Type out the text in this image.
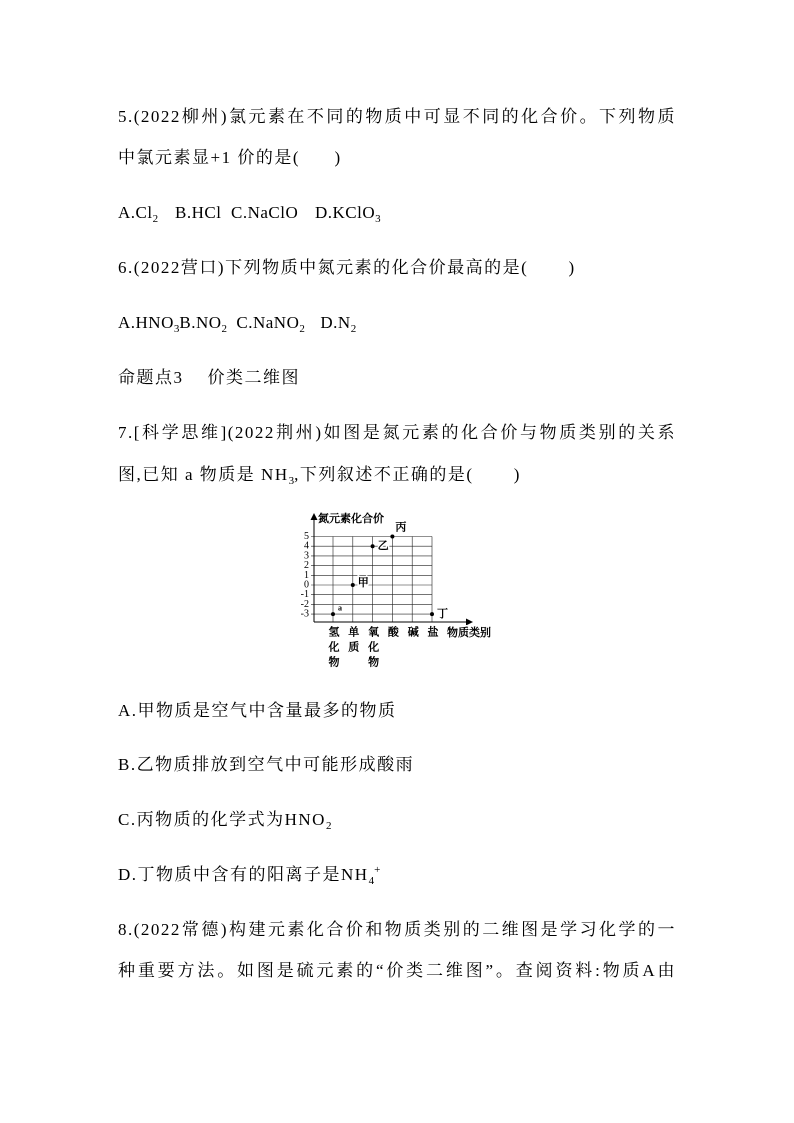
5.(2022柳州)氯元素在不同的物质中可显不同的化合价。下列物质
中氯元素显+1 价的是(      )
$A.Cl_2$ B.HCl C.NaClO D.KClO$_3$
6.(2022营口)下列物质中氮元素的化合价最高的是(       )
$A.HNO_3$ $B.NO_2$ C.NaNO$_2$ $D.N_2$
命题点3 价类二维图
7.[科学思维](2022荆州)如图是氮元素的化合价与物质类别的关系
图,已知 a 物质是 $NH_3$,下列叙述不正确的是(       )
5
4
3
2
1
0
-1
-2
-3
a
甲
乙
丙
丁
氮元素化合价
物质类别
氢化物 单质 氧化物 酸 碱 盐
A.甲物质是空气中含量最多的物质
B.乙物质排放到空气中可能形成酸雨
C.丙物质的化学式为$HNO_2$
D.丁物质中含有的阳离子是$NH_4^+$
8.(2022常德)构建元素化合价和物质类别的二维图是学习化学的一
种重要方法。如图是硫元素的“价类二维图”。查阅资料:物质A由
